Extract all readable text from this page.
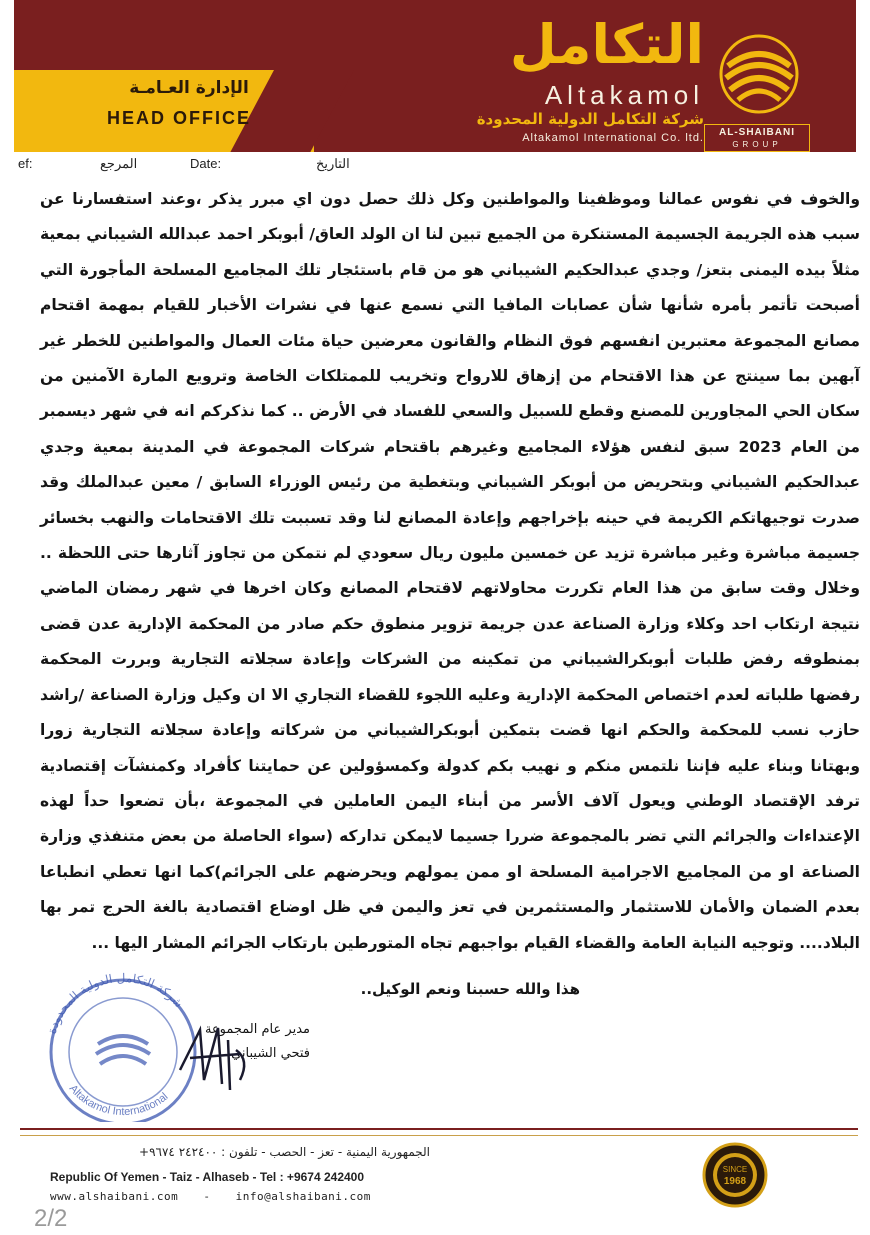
الإدارة العـامـة
HEAD OFFICE
التكامل
Altakamol
شركة التكامل الدولية المحدودة
Altakamol International Co. ltd.	AL-SHAIBANI
GROUP
ef:	المرجع	Date:	التاريخ

والخوف في نفوس عمالنا وموظفينا والمواطنين وكل ذلك حصل دون اي مبرر يذكر ،وعند استفسارنا عن سبب هذه الجريمة الجسيمة المستنكرة من الجميع تبين لنا ان الولد العاق/ أبوبكر احمد عبدالله الشيباني بمعية مثلاً بيده اليمنى بتعز/ وجدي عبدالحكيم الشيباني هو من قام باستئجار تلك المجاميع المسلحة المأجورة التي أصبحت تأتمر بأمره شأنها شأن عصابات المافيا التي نسمع عنها في نشرات الأخبار للقيام بمهمة اقتحام مصانع المجموعة معتبرين انفسهم فوق النظام والقانون معرضين حياة مئات العمال والمواطنين للخطر غير آبهين بما سينتج عن هذا الاقتحام من إزهاق للارواح وتخريب للممتلكات الخاصة وترويع المارة الآمنين من سكان الحي المجاورين للمصنع وقطع للسبيل والسعي للفساد في الأرض .. كما نذكركم انه في شهر ديسمبر من العام 2023 سبق لنفس هؤلاء المجاميع وغيرهم باقتحام شركات المجموعة في المدينة بمعية وجدي عبدالحكيم الشيباني وبتحريض من أبوبكر الشيباني وبتغطية من رئيس الوزراء السابق / معين عبدالملك وقد صدرت توجيهاتكم الكريمة في حينه بإخراجهم وإعادة المصانع لنا وقد تسببت تلك الاقتحامات والنهب بخسائر جسيمة مباشرة وغير مباشرة تزيد عن خمسين مليون ريال سعودي لم نتمكن من تجاوز آثارها حتى اللحظة .. وخلال وقت سابق من هذا العام تكررت محاولاتهم لاقتحام المصانع وكان اخرها في شهر رمضان الماضي نتيجة ارتكاب احد وكلاء وزارة الصناعة عدن جريمة تزوير منطوق حكم صادر من المحكمة الإدارية عدن قضى بمنطوقه رفض طلبات أبوبكرالشيباني من تمكينه من الشركات وإعادة سجلاته التجارية وبررت المحكمة رفضها طلباته لعدم اختصاص المحكمة الإدارية وعليه اللجوء للقضاء التجاري الا ان وكيل وزارة الصناعة /راشد حازب نسب للمحكمة والحكم انها قضت بتمكين أبوبكرالشيباني من شركاته وإعادة سجلاته التجارية زورا وبهتانا وبناء عليه فإننا نلتمس منكم و نهيب بكم كدولة وكمسؤولين عن حمايتنا كأفراد وكمنشآت إقتصادية ترفد الإقتصاد الوطني ويعول آلاف الأسر من أبناء اليمن العاملين في المجموعة ،بأن تضعوا حداً لهذه الإعتداءات والجرائم التي تضر بالمجموعة ضررا جسيما لايمكن تداركه (سواء الحاصلة من بعض متنفذي وزارة الصناعة او من المجاميع الاجرامية المسلحة او ممن يمولهم ويحرضهم على الجرائم)كما انها تعطي انطباعا بعدم الضمان والأمان للاستثمار والمستثمرين في تعز واليمن في ظل اوضاع اقتصادية بالغة الحرج تمر بها البلاد.... وتوجيه النيابة العامة والقضاء القيام بواجبهم تجاه المتورطين بارتكاب الجرائم المشار اليها ...

هذا والله حسبنا ونعم الوكيل..
شركة التكامل الدولية المحدودة
Altakamol International
مدير عام المجموعة
فتحي الشيباني
الجمهورية اليمنية - تعز - الحصب - تلفون : ٢٤٢٤٠٠ ٩٦٧٤+
Republic Of Yemen - Taiz - Alhaseb - Tel : +9674 242400
www.alshaibani.com - info@alshaibani.com
SINCE
1968
2/2
